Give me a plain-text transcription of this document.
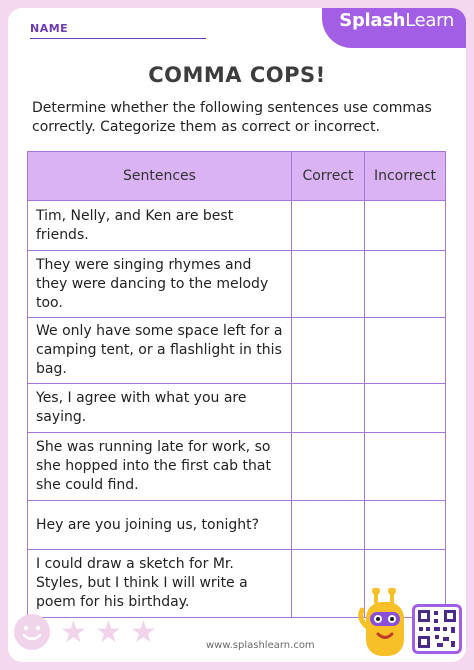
SplashLearn
NAME
COMMA COPS!
Determine whether the following sentences use commas correctly. Categorize them as correct or incorrect.
Sentences	Correct	Incorrect
Tim, Nelly, and Ken are best friends.		
They were singing rhymes and they were dancing to the melody too.		
We only have some space left for a camping tent, or a flashlight in this bag.		
Yes, I agree with what you are saying.		
She was running late for work, so she hopped into the first cab that she could find.		
Hey are you joining us, tonight?		
I could draw a sketch for Mr. Styles, but I think I will write a poem for his birthday.		
★ ★ ★	www.splashlearn.com
